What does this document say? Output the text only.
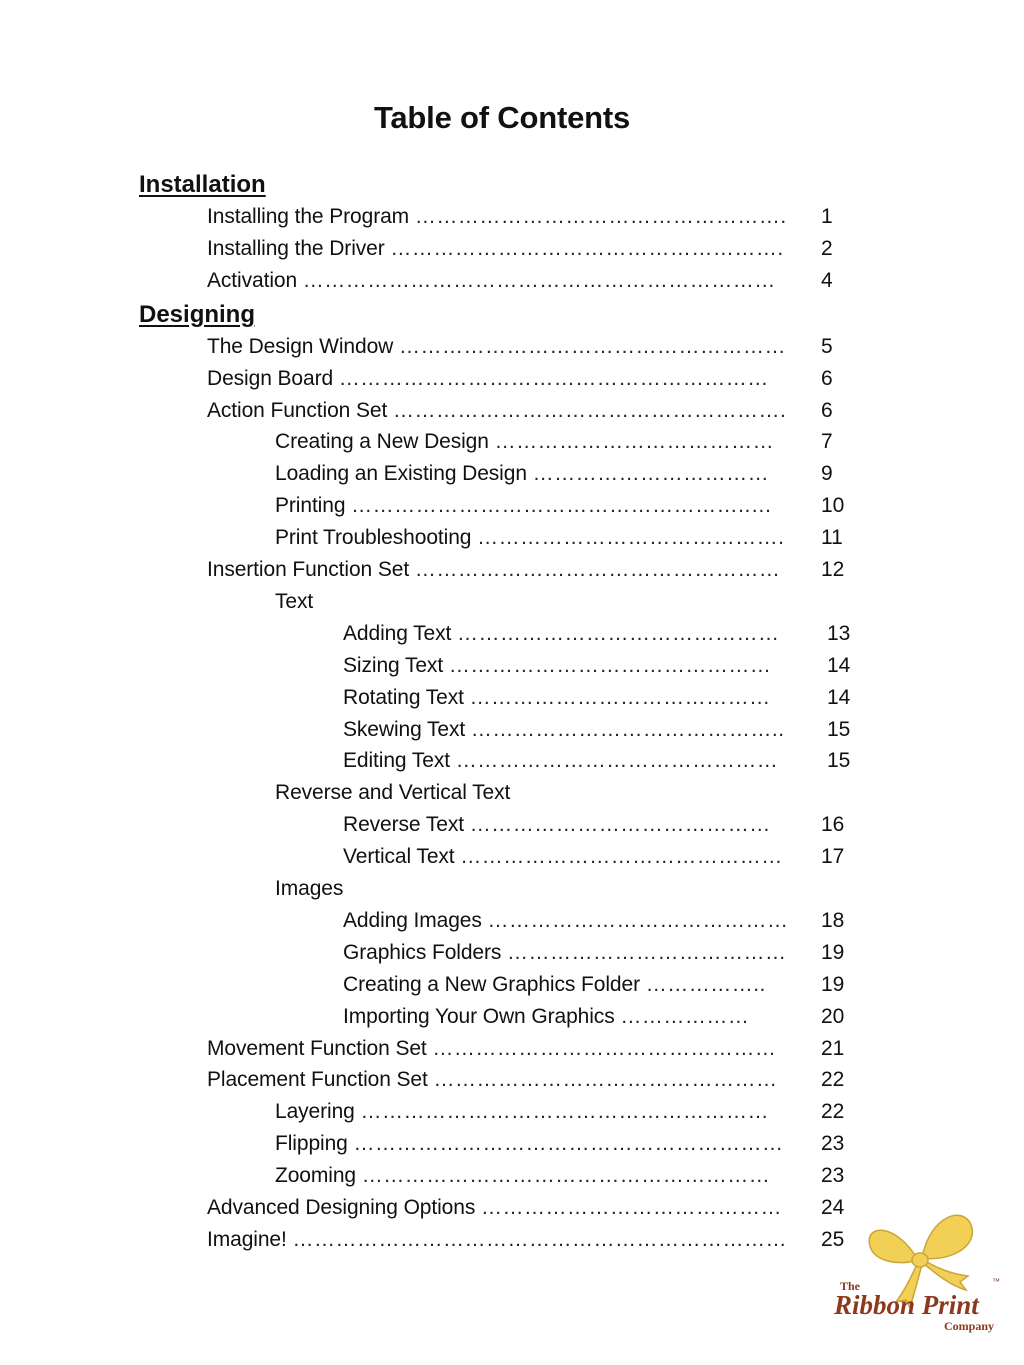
Table of Contents
Installation
Installing the Program ……………………………………………. 1
Installing the Driver ………………………………………………. 2
Activation ………………………………………………………… 4
Designing
The Design Window ……………………………………………… 5
Design Board …………………………………………………… 6
Action Function Set ………………………………………………. 6
Creating a New Design ………………………………… 7
Loading an Existing Design …………………………… 9
Printing ………………………………………………..… 10
Print Troubleshooting ……………………………………. 11
Insertion Function Set …………………………………………… 12
Text
Adding Text ……………………………………… 13
Sizing Text ………………………………………	14
Rotating Text ……………………………………	14
Skewing Text …………………………………….. 15
Editing Text ……………………………………… 15
Reverse and Vertical Text
Reverse Text …………………………………… 16
Vertical Text ……………………………………… 17
Images
Adding Images …………………………………… 18
Graphics Folders ………………………………… 19
Creating a New Graphics Folder ……………..	19
Importing Your Own Graphics ………………	20
Movement Function Set ………………………………………… 21
Placement Function Set ………………………………………… 22
Layering ………………………………………………… 22
Flipping …………………………………………………… 23
Zooming ………………………………………………… 23
Advanced Designing Options …………………………………… 24
Imagine! …………………………………………………………… 25
The
Ribbon Print
™
Company
